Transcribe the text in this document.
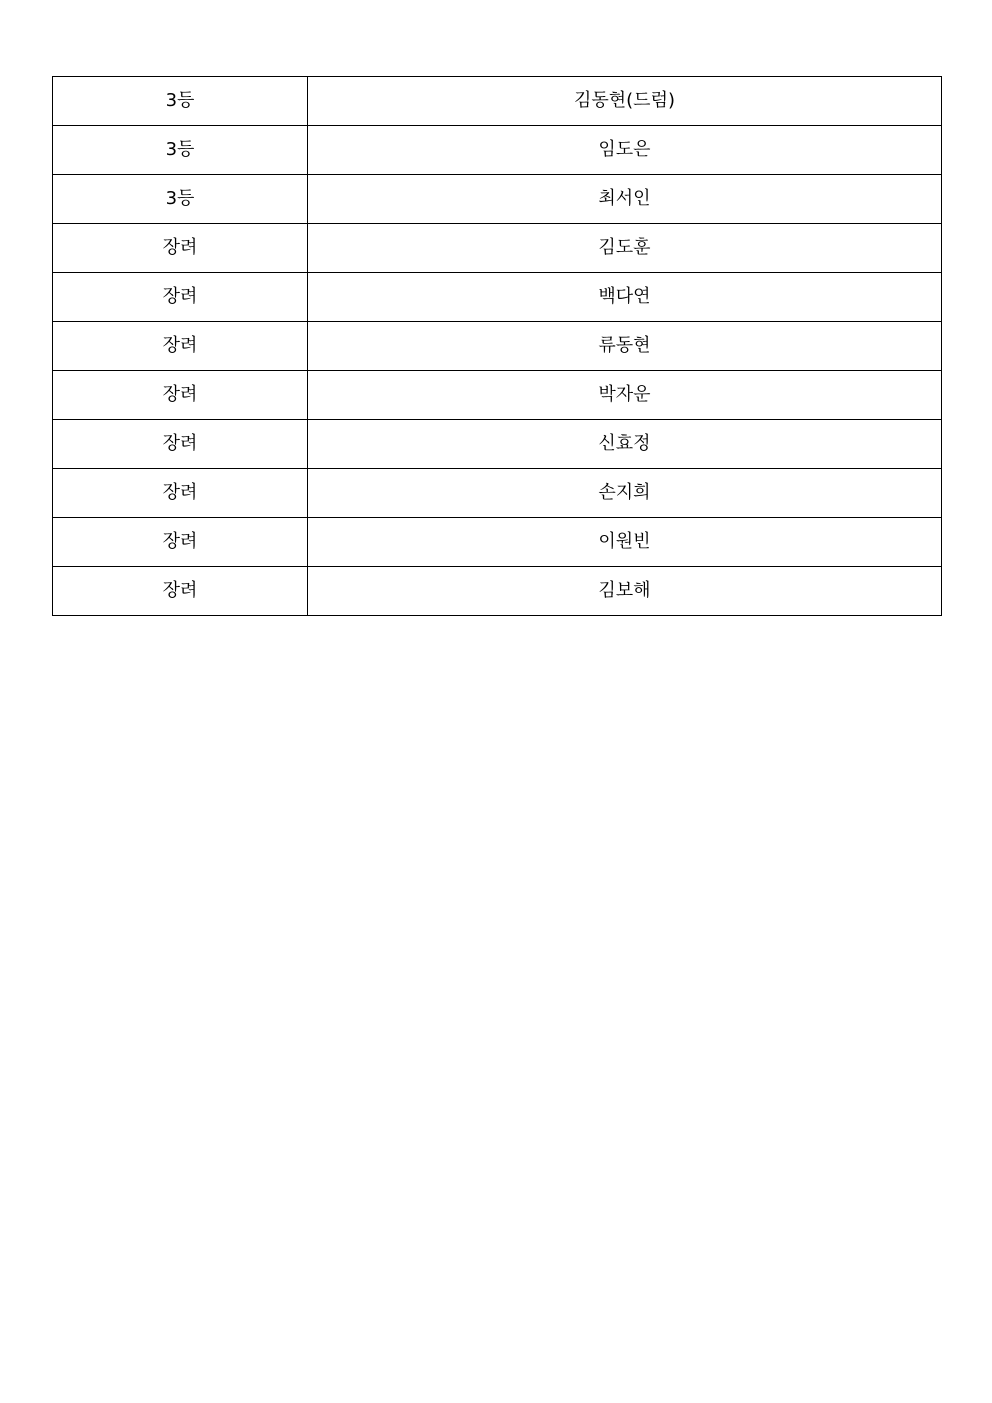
3등	김동현(드럼)
3등	임도은
3등	최서인
장려	김도훈
장려	백다연
장려	류동현
장려	박자운
장려	신효정
장려	손지희
장려	이원빈
장려	김보해
